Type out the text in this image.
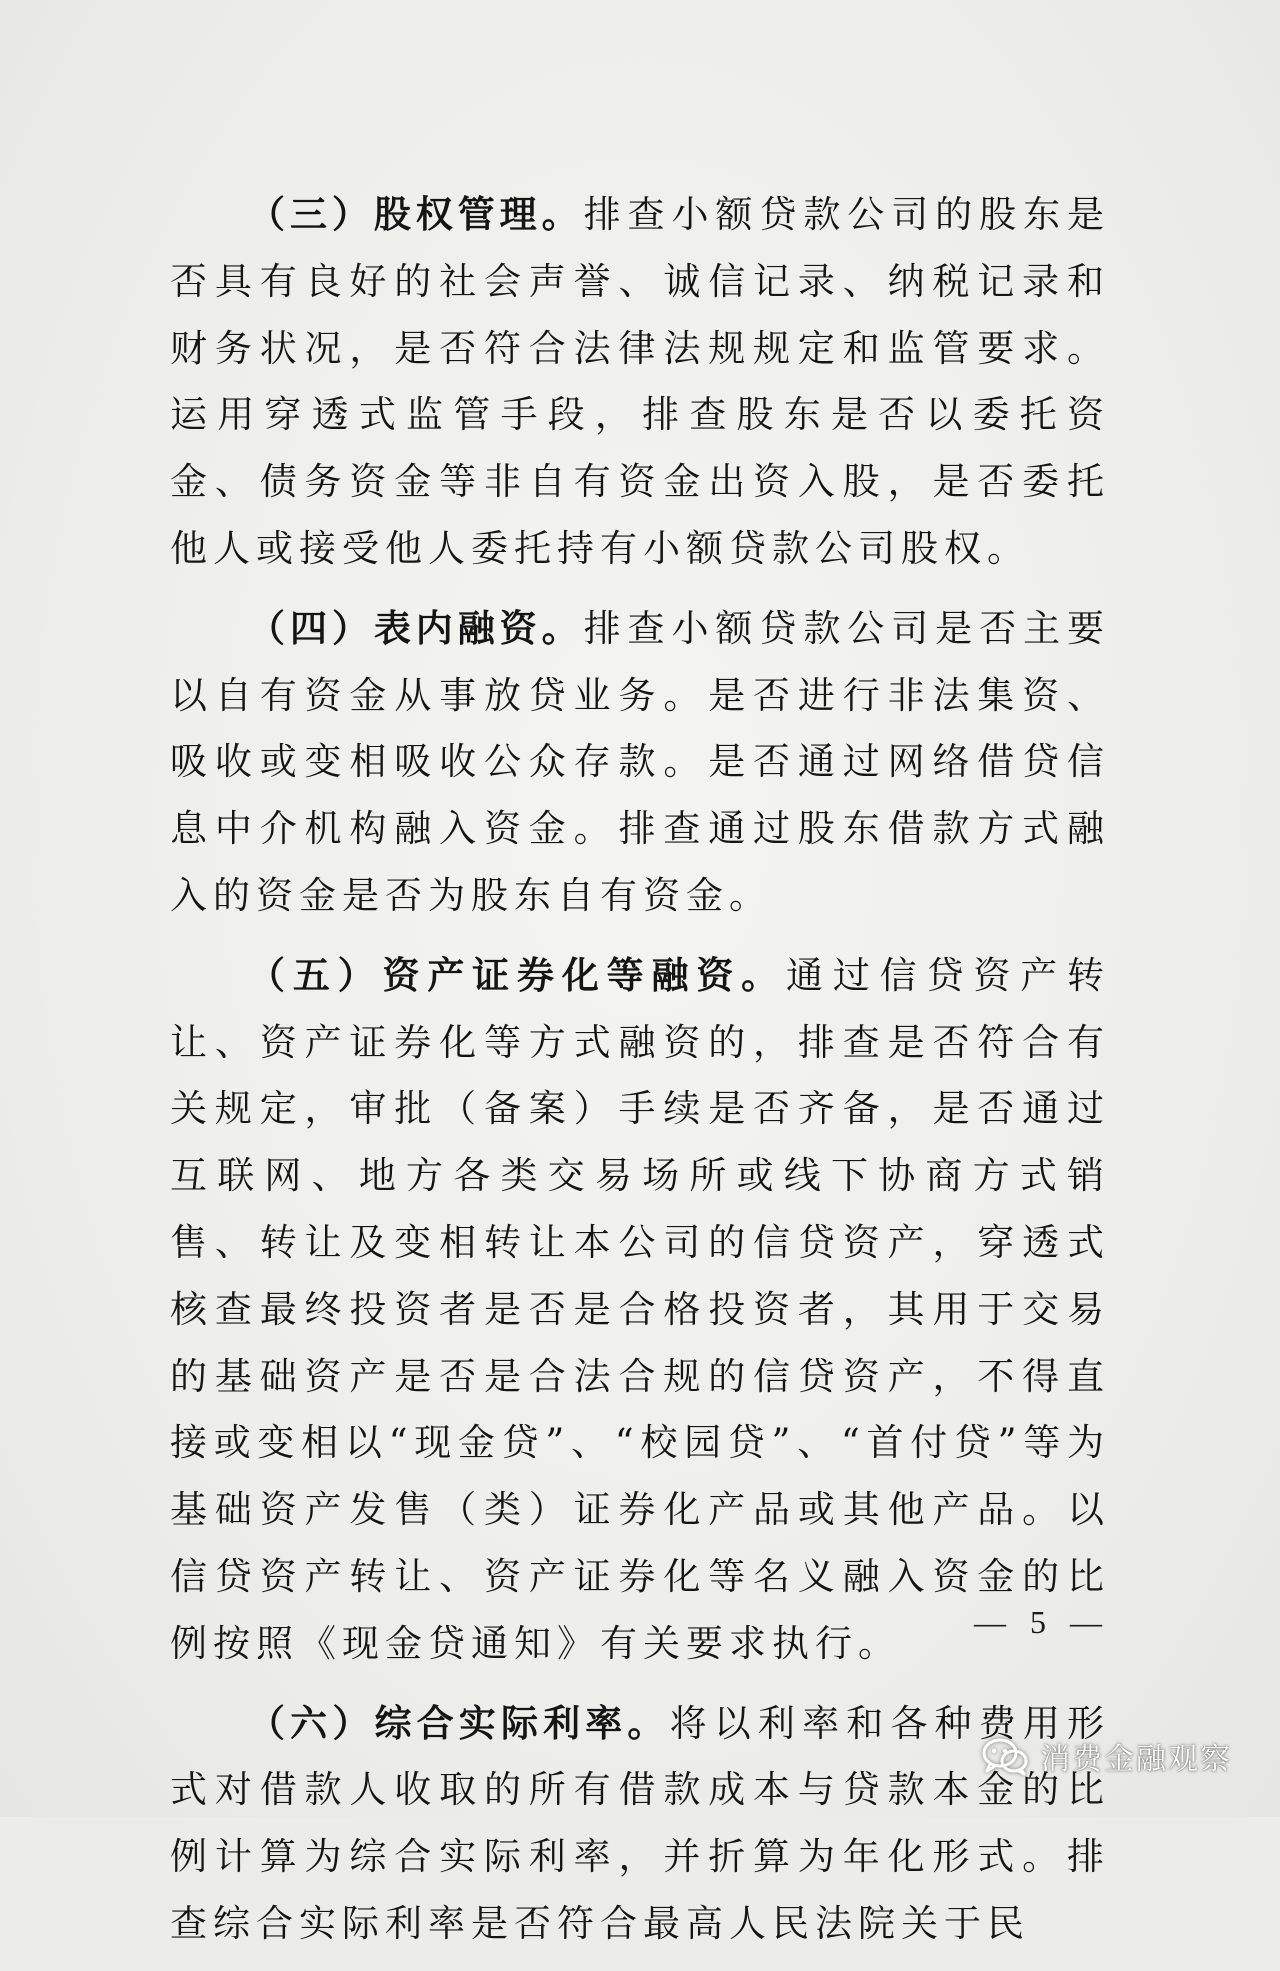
（三）股权管理。排查小额贷款公司的股东是否具有良好的社会声誉、诚信记录、纳税记录和财务状况，是否符合法律法规规定和监管要求。运用穿透式监管手段，排查股东是否以委托资金、债务资金等非自有资金出资入股，是否委托他人或接受他人委托持有小额贷款公司股权。

（四）表内融资。排查小额贷款公司是否主要以自有资金从事放贷业务。是否进行非法集资、吸收或变相吸收公众存款。是否通过网络借贷信息中介机构融入资金。排查通过股东借款方式融入的资金是否为股东自有资金。

（五）资产证券化等融资。通过信贷资产转让、资产证券化等方式融资的，排查是否符合有关规定，审批（备案）手续是否齐备，是否通过互联网、地方各类交易场所或线下协商方式销售、转让及变相转让本公司的信贷资产，穿透式核查最终投资者是否是合格投资者，其用于交易的基础资产是否是合法合规的信贷资产，不得直接或变相以“现金贷”、“校园贷”、“首付贷”等为基础资产发售（类）证券化产品或其他产品。以信贷资产转让、资产证券化等名义融入资金的比例按照《现金贷通知》有关要求执行。

（六）综合实际利率。将以利率和各种费用形式对借款人收取的所有借款成本与贷款本金的比例计算为综合实际利率，并折算为年化形式。排查综合实际利率是否符合最高人民法院关于民

— 5 —
消费金融观察
